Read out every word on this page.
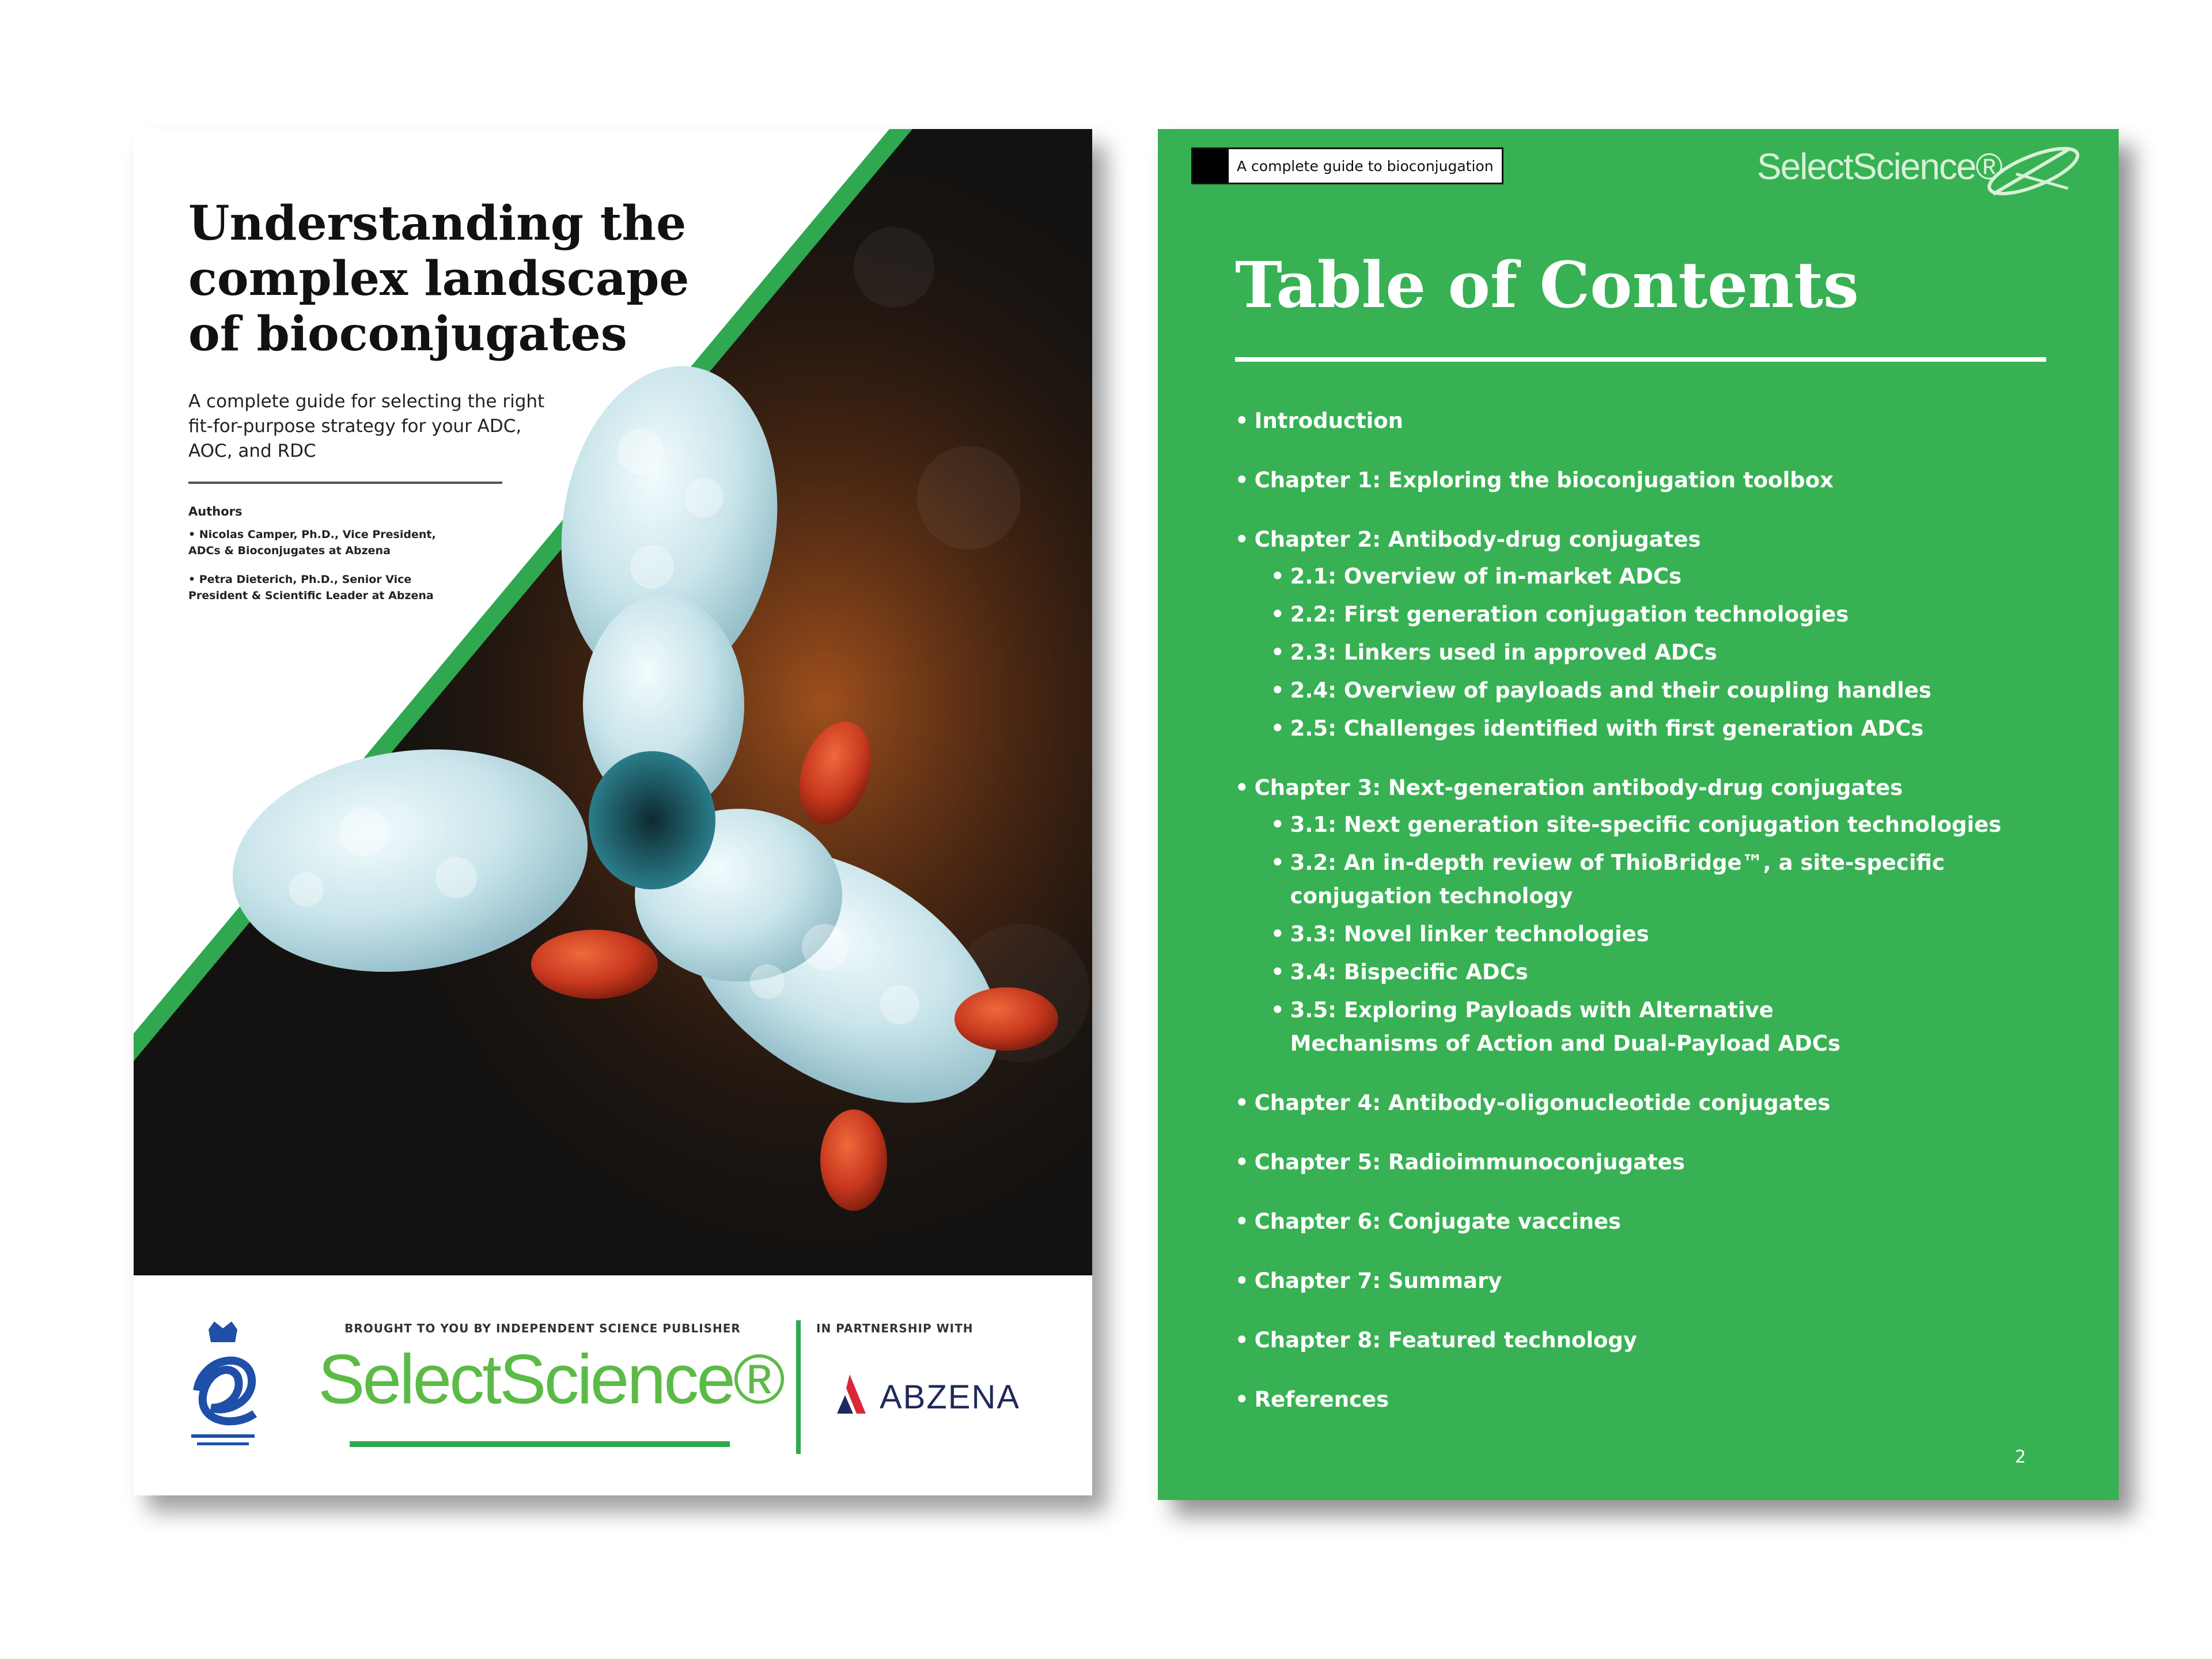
Understanding the complex landscape of bioconjugates
A complete guide for selecting the right fit-for-purpose strategy for your ADC, AOC, and RDC
Authors
• Nicolas Camper, Ph.D., Vice President, ADCs & Bioconjugates at Abzena
• Petra Dieterich, Ph.D., Senior Vice President & Scientific Leader at Abzena
BROUGHT TO YOU BY INDEPENDENT SCIENCE PUBLISHER
SelectScience®
IN PARTNERSHIP WITH
ABZENA
A complete guide to bioconjugation	SelectScience®
Table of Contents
• Introduction
• Chapter 1: Exploring the bioconjugation toolbox
• Chapter 2: Antibody-drug conjugates
• 2.1: Overview of in-market ADCs
• 2.2: First generation conjugation technologies
• 2.3: Linkers used in approved ADCs
• 2.4: Overview of payloads and their coupling handles
• 2.5: Challenges identified with first generation ADCs
• Chapter 3: Next-generation antibody-drug conjugates
• 3.1: Next generation site-specific conjugation technologies
• 3.2: An in-depth review of ThioBridge™, a site-specific conjugation technology
• 3.3: Novel linker technologies
• 3.4: Bispecific ADCs
• 3.5: Exploring Payloads with Alternative Mechanisms of Action and Dual-Payload ADCs
• Chapter 4: Antibody-oligonucleotide conjugates
• Chapter 5: Radioimmunoconjugates
• Chapter 6: Conjugate vaccines
• Chapter 7: Summary
• Chapter 8: Featured technology
• References
2
